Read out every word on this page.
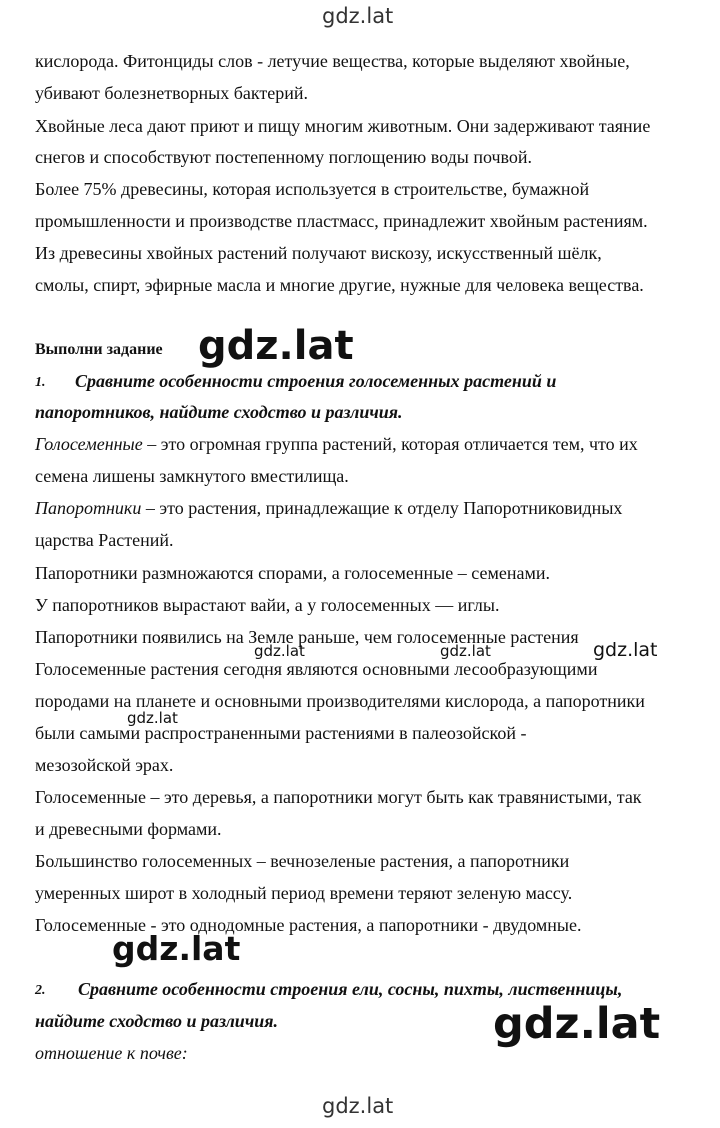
кислорода. Фитонциды слов - летучие вещества, которые выделяют хвойные,
убивают болезнетворных бактерий.
Хвойные леса дают приют и пищу многим животным. Они задерживают таяние
снегов и способствуют постепенному поглощению воды почвой.
Более 75% древесины, которая используется в строительстве, бумажной
промышленности и производстве пластмасс, принадлежит хвойным растениям.
Из древесины хвойных растений получают вискозу, искусственный шёлк,
смолы, спирт, эфирные масла и многие другие, нужные для человека вещества.
Выполни задание
1. Сравните особенности строения голосеменных растений и
папоротников, найдите сходство и различия.
Голосеменные – это огромная группа растений, которая отличается тем, что их
семена лишены замкнутого вместилища.
Папоротники – это растения, принадлежащие к отделу Папоротниковидных
царства Растений.
Папоротники размножаются спорами, а голосеменные – семенами.
У папоротников вырастают вайи, а у голосеменных — иглы.
Папоротники появились на Земле раньше, чем голосеменные растения
Голосеменные растения сегодня являются основными лесообразующими
породами на планете и основными производителями кислорода, а папоротники
были самыми распространенными растениями в палеозойской -
мезозойской эрах.
Голосеменные – это деревья, а папоротники могут быть как травянистыми, так
и древесными формами.
Большинство голосеменных – вечнозеленые растения, а папоротники
умеренных широт в холодный период времени теряют зеленую массу.
Голосеменные - это однодомные растения, а папоротники - двудомные.
2. Сравните особенности строения ели, сосны, пихты, лиственницы,
найдите сходство и различия.
отношение к почве:
gdz.lat
gdz.lat
gdz.lat	gdz.lat	gdz.lat
gdz.lat
gdz.lat
gdz.lat
gdz.lat
